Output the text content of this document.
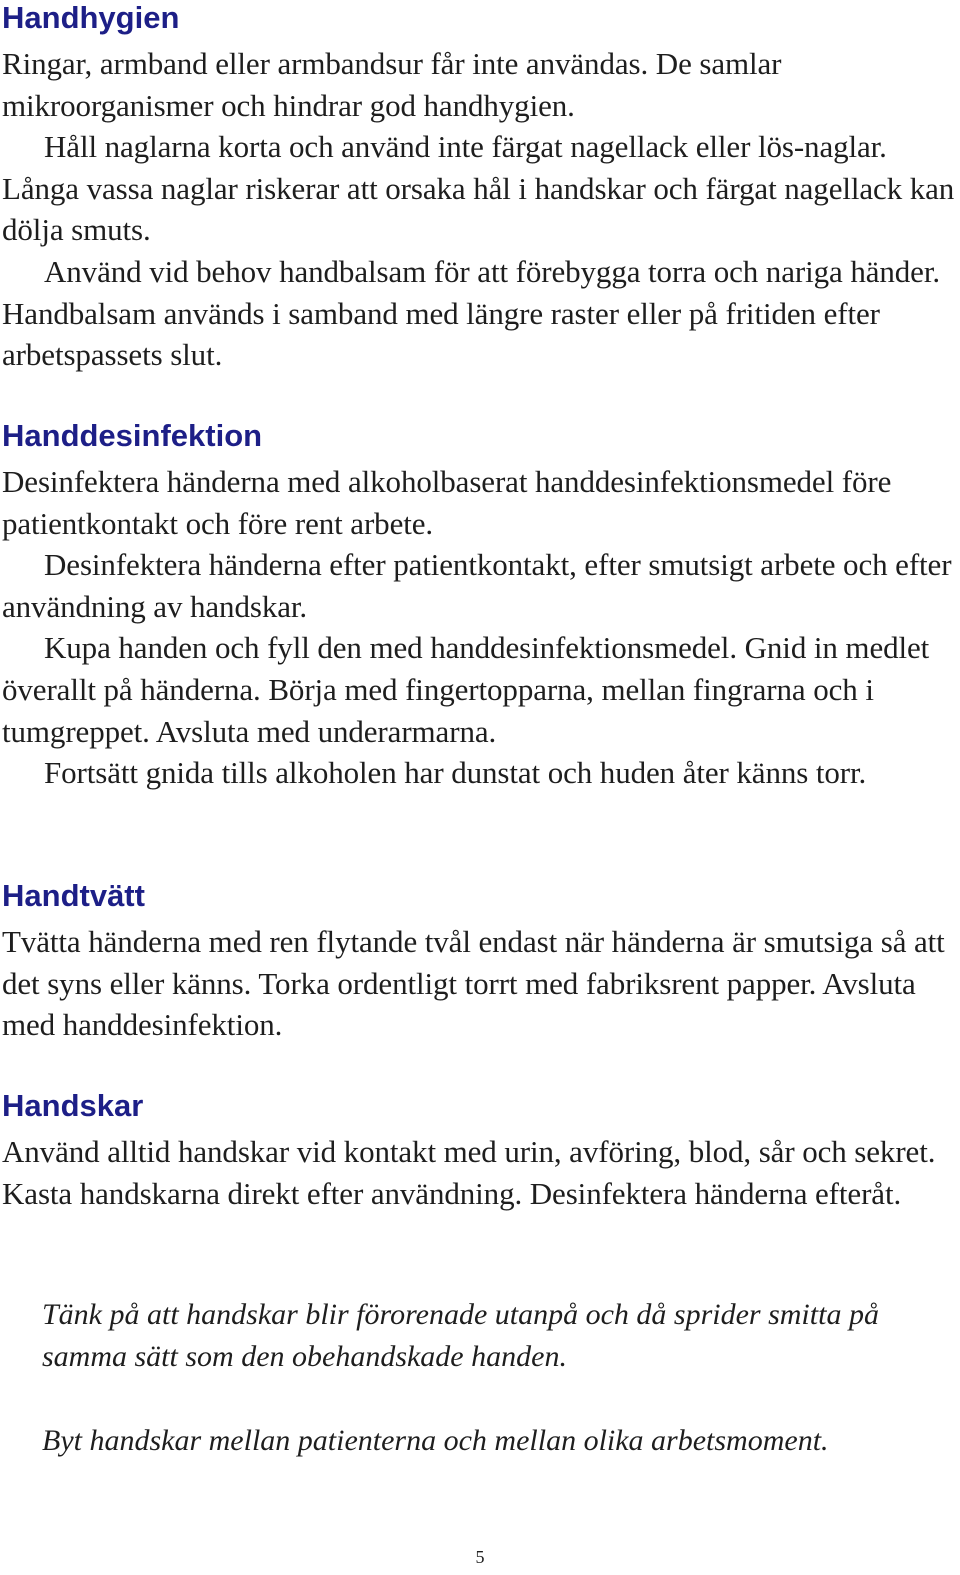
Handhygien

Ringar, armband eller armbandsur får inte användas. De samlar mikroorganismer och hindrar god handhygien.

Håll naglarna korta och använd inte färgat nagellack eller lös-naglar. Långa vassa naglar riskerar att orsaka hål i handskar och färgat nagellack kan dölja smuts.

Använd vid behov handbalsam för att förebygga torra och nariga händer. Handbalsam används i samband med längre raster eller på fritiden efter arbetspassets slut.

Handdesinfektion

Desinfektera händerna med alkoholbaserat handdesinfektionsmedel före patientkontakt och före rent arbete.

Desinfektera händerna efter patientkontakt, efter smutsigt arbete och efter användning av handskar.

Kupa handen och fyll den med handdesinfektionsmedel. Gnid in medlet överallt på händerna. Börja med fingertopparna, mellan fingrarna och i tumgreppet. Avsluta med underarmarna.

Fortsätt gnida tills alkoholen har dunstat och huden åter känns torr.

Handtvätt

Tvätta händerna med ren flytande tvål endast när händerna är smutsiga så att det syns eller känns. Torka ordentligt torrt med fabriksrent papper. Avsluta med handdesinfektion.

Handskar

Använd alltid handskar vid kontakt med urin, avföring, blod, sår och sekret. Kasta handskarna direkt efter användning. Desinfektera händerna efteråt.

Tänk på att handskar blir förorenade utanpå och då sprider smitta på samma sätt som den obehandskade handen.

Byt handskar mellan patienterna och mellan olika arbetsmoment.

5
